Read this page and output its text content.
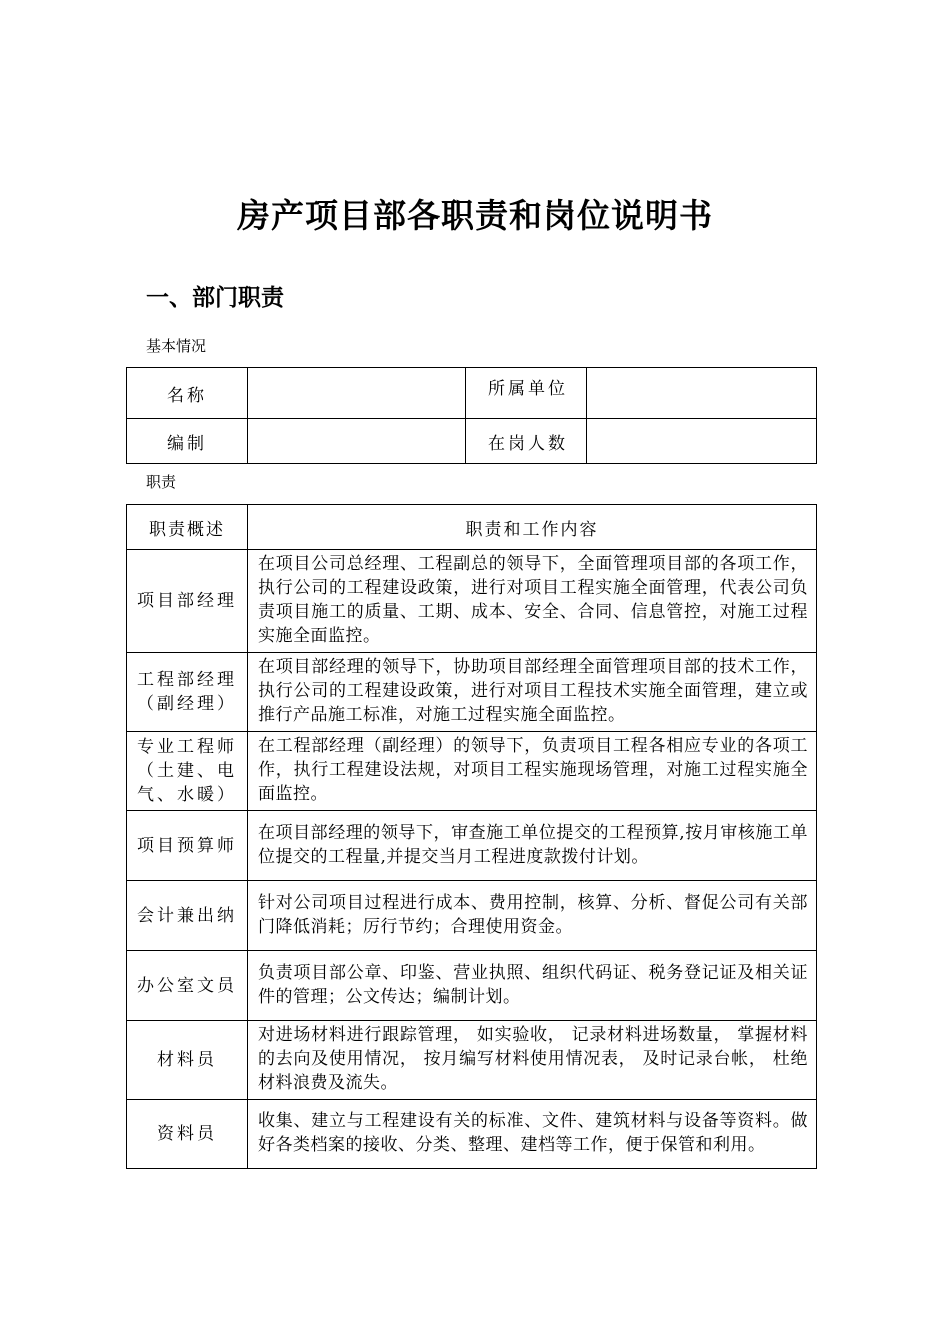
房产项目部各职责和岗位说明书
一、部门职责
基本情况
名称		所属单位	
编制		在岗人数	
职责
职责概述	职责和工作内容
项目部经理	在项目公司总经理、工程副总的领导下，全面管理项目部的各项工作，执行公司的工程建设政策，进行对项目工程实施全面管理，代表公司负责项目施工的质量、工期、成本、安全、合同、信息管控，对施工过程实施全面监控。
工程部经理（副经理）	在项目部经理的领导下，协助项目部经理全面管理项目部的技术工作，执行公司的工程建设政策，进行对项目工程技术实施全面管理，建立或推行产品施工标准，对施工过程实施全面监控。
专业工程师（土建、电气、水暖）	在工程部经理（副经理）的领导下，负责项目工程各相应专业的各项工作，执行工程建设法规，对项目工程实施现场管理，对施工过程实施全面监控。
项目预算师	在项目部经理的领导下，审查施工单位提交的工程预算,按月审核施工单位提交的工程量,并提交当月工程进度款拨付计划。
会计兼出纳	针对公司项目过程进行成本、费用控制，核算、分析、督促公司有关部门降低消耗；厉行节约；合理使用资金。
办公室文员	负责项目部公章、印鉴、营业执照、组织代码证、税务登记证及相关证件的管理；公文传达；编制计划。
材料员	对进场材料进行跟踪管理， 如实验收， 记录材料进场数量， 掌握材料的去向及使用情况， 按月编写材料使用情况表， 及时记录台帐， 杜绝材料浪费及流失。
资料员	收集、建立与工程建设有关的标准、文件、建筑材料与设备等资料。做好各类档案的接收、分类、整理、建档等工作，便于保管和利用。
